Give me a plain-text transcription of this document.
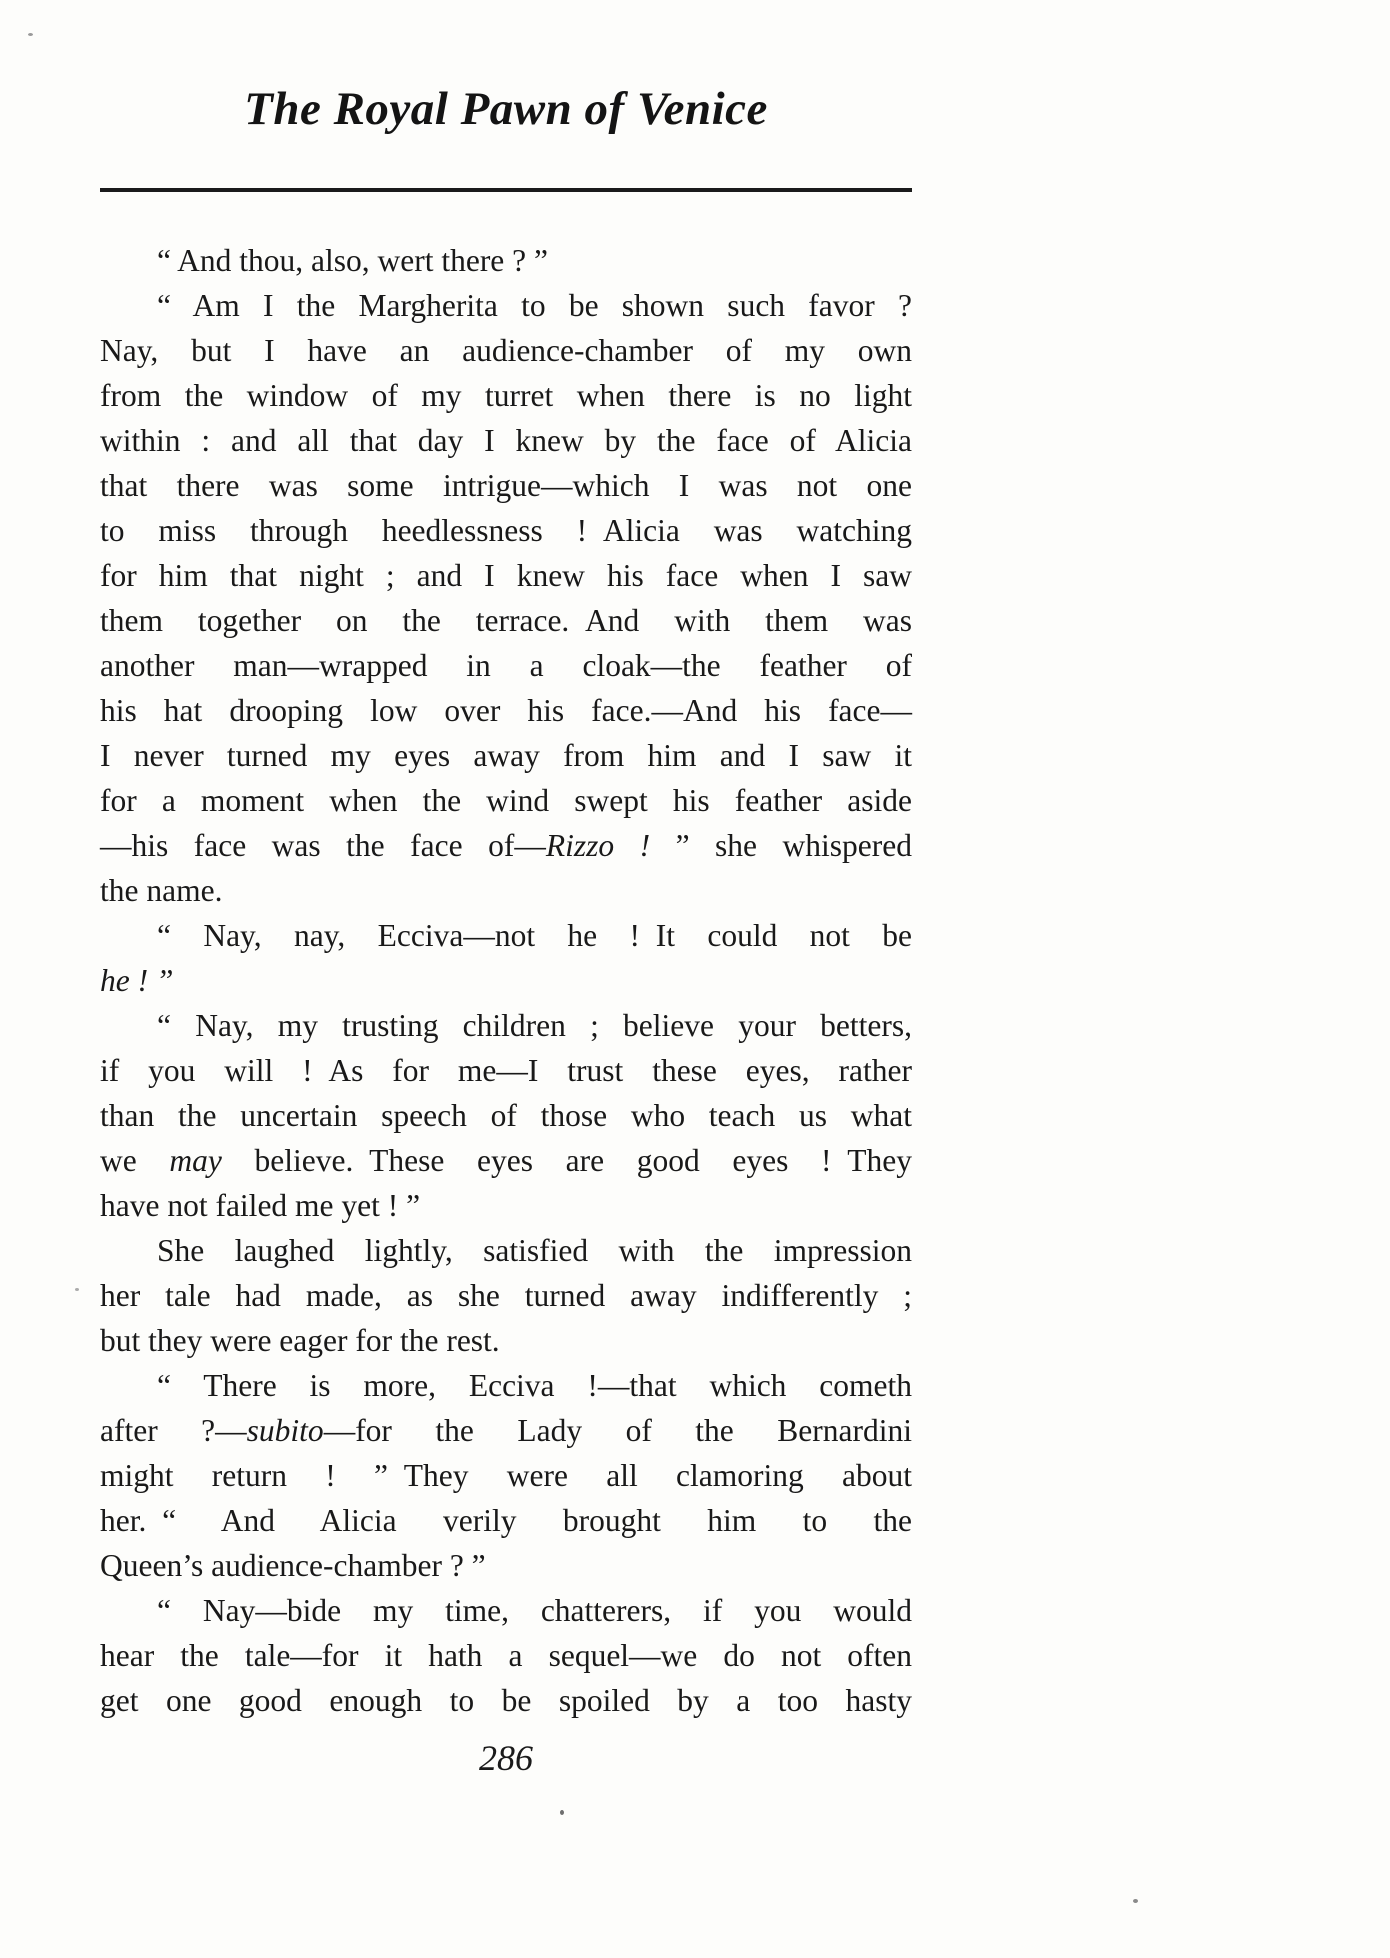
The Royal Pawn of Venice
“ And thou, also, wert there ? ”
“ Am I the Margherita to be shown such favor ?
Nay, but I have an audience-chamber of my own
from the window of my turret when there is no light
within : and all that day I knew by the face of Alicia
that there was some intrigue—which I was not one
to miss through heedlessness ! Alicia was watching
for him that night ; and I knew his face when I saw
them together on the terrace. And with them was
another man—wrapped in a cloak—the feather of
his hat drooping low over his face.—And his face—
I never turned my eyes away from him and I saw it
for a moment when the wind swept his feather aside
—his face was the face of—Rizzo ! ” she whispered
the name.
“ Nay, nay, Ecciva—not he ! It could not be
he ! ”
“ Nay, my trusting children ; believe your betters,
if you will ! As for me—I trust these eyes, rather
than the uncertain speech of those who teach us what
we may believe. These eyes are good eyes ! They
have not failed me yet ! ”
She laughed lightly, satisfied with the impression
her tale had made, as she turned away indifferently ;
but they were eager for the rest.
“ There is more, Ecciva !—that which cometh
after ?—subito—for the Lady of the Bernardini
might return ! ” They were all clamoring about
her. “ And Alicia verily brought him to the
Queen’s audience-chamber ? ”
“ Nay—bide my time, chatterers, if you would
hear the tale—for it hath a sequel—we do not often
get one good enough to be spoiled by a too hasty
286
